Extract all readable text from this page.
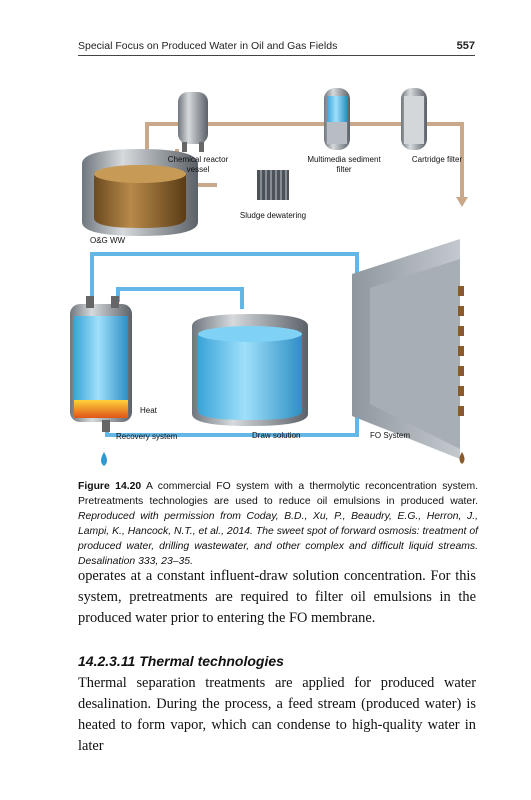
Special Focus on Produced Water in Oil and Gas Fields	557
Chemical reactor
vessel
Multimedia sediment
filter
Cartridge filter
Sludge dewatering
O&G WW
Heat
Recovery system	Draw solution	FO System
Figure 14.20 A commercial FO system with a thermolytic reconcentration system. Pretreatments technologies are used to reduce oil emulsions in produced water. Reproduced with permission from Coday, B.D., Xu, P., Beaudry, E.G., Herron, J., Lampi, K., Hancock, N.T., et al., 2014. The sweet spot of forward osmosis: treatment of produced water, drilling wastewater, and other complex and difficult liquid streams. Desalination 333, 23–35.
operates at a constant influent-draw solution concentration. For this system, pretreatments are required to filter oil emulsions in the produced water prior to entering the FO membrane.
14.2.3.11 Thermal technologies
Thermal separation treatments are applied for produced water desalination. During the process, a feed stream (produced water) is heated to form vapor, which can condense to high-quality water in later
